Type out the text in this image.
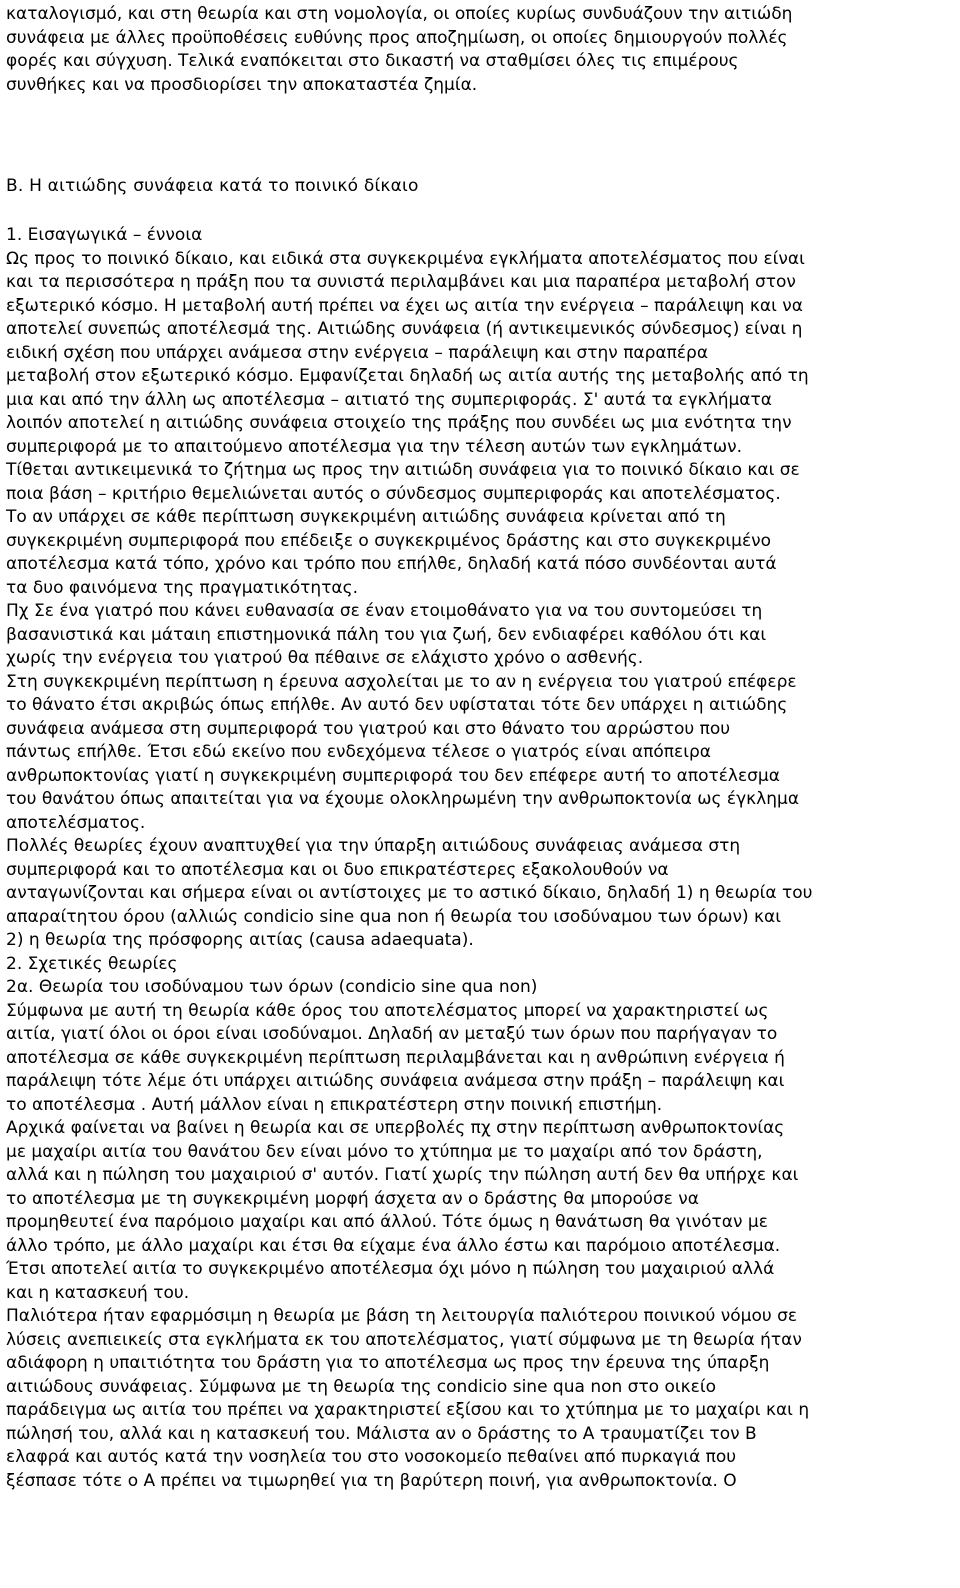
καταλογισμό, και στη θεωρία και στη νομολογία, οι οποίες κυρίως συνδυάζουν την αιτιώδη
συνάφεια με άλλες προϋποθέσεις ευθύνης προς αποζημίωση, οι οποίες δημιουργούν πολλές
φορές και σύγχυση. Τελικά εναπόκειται στο δικαστή να σταθμίσει όλες τις επιμέρους
συνθήκες και να προσδιορίσει την αποκαταστέα ζημία.
B. Η αιτιώδης συνάφεια κατά το ποινικό δίκαιο
1. Εισαγωγικά – έννοια
Ως προς το ποινικό δίκαιο, και ειδικά στα συγκεκριμένα εγκλήματα αποτελέσματος που είναι
και τα περισσότερα η πράξη που τα συνιστά περιλαμβάνει και μια παραπέρα μεταβολή στον
εξωτερικό κόσμο. Η μεταβολή αυτή πρέπει να έχει ως αιτία την ενέργεια – παράλειψη και να
αποτελεί συνεπώς αποτέλεσμά της. Αιτιώδης συνάφεια (ή αντικειμενικός σύνδεσμος) είναι η
ειδική σχέση που υπάρχει ανάμεσα στην ενέργεια – παράλειψη και στην παραπέρα
μεταβολή στον εξωτερικό κόσμο. Εμφανίζεται δηλαδή ως αιτία αυτής της μεταβολής από τη
μια και από την άλλη ως αποτέλεσμα – αιτιατό της συμπεριφοράς. Σ' αυτά τα εγκλήματα
λοιπόν αποτελεί η αιτιώδης συνάφεια στοιχείο της πράξης που συνδέει ως μια ενότητα την
συμπεριφορά με το απαιτούμενο αποτέλεσμα για την τέλεση αυτών των εγκλημάτων.
Τίθεται αντικειμενικά το ζήτημα ως προς την αιτιώδη συνάφεια για το ποινικό δίκαιο και σε
ποια βάση – κριτήριο θεμελιώνεται αυτός ο σύνδεσμος συμπεριφοράς και αποτελέσματος.
Το αν υπάρχει σε κάθε περίπτωση συγκεκριμένη αιτιώδης συνάφεια κρίνεται από τη
συγκεκριμένη συμπεριφορά που επέδειξε ο συγκεκριμένος δράστης και στο συγκεκριμένο
αποτέλεσμα κατά τόπο, χρόνο και τρόπο που επήλθε, δηλαδή κατά πόσο συνδέονται αυτά
τα δυο φαινόμενα της πραγματικότητας.
Πχ Σε ένα γιατρό που κάνει ευθανασία σε έναν ετοιμοθάνατο για να του συντομεύσει τη
βασανιστικά και μάταιη επιστημονικά πάλη του για ζωή, δεν ενδιαφέρει καθόλου ότι και
χωρίς την ενέργεια του γιατρού θα πέθαινε σε ελάχιστο χρόνο ο ασθενής.
Στη συγκεκριμένη περίπτωση η έρευνα ασχολείται με το αν η ενέργεια του γιατρού επέφερε
το θάνατο έτσι ακριβώς όπως επήλθε. Αν αυτό δεν υφίσταται τότε δεν υπάρχει η αιτιώδης
συνάφεια ανάμεσα στη συμπεριφορά του γιατρού και στο θάνατο του αρρώστου που
πάντως επήλθε. Έτσι εδώ εκείνο που ενδεχόμενα τέλεσε ο γιατρός είναι απόπειρα
ανθρωποκτονίας γιατί η συγκεκριμένη συμπεριφορά του δεν επέφερε αυτή το αποτέλεσμα
του θανάτου όπως απαιτείται για να έχουμε ολοκληρωμένη την ανθρωποκτονία ως έγκλημα
αποτελέσματος.
Πολλές θεωρίες έχουν αναπτυχθεί για την ύπαρξη αιτιώδους συνάφειας ανάμεσα στη
συμπεριφορά και το αποτέλεσμα και οι δυο επικρατέστερες εξακολουθούν να
ανταγωνίζονται και σήμερα είναι οι αντίστοιχες με το αστικό δίκαιο, δηλαδή 1) η θεωρία του
απαραίτητου όρου (αλλιώς condicio sine qua non ή θεωρία του ισοδύναμου των όρων) και
2) η θεωρία της πρόσφορης αιτίας (causa adaequata).
2. Σχετικές θεωρίες
2α. Θεωρία του ισοδύναμου των όρων (condicio sine qua non)
Σύμφωνα με αυτή τη θεωρία κάθε όρος του αποτελέσματος μπορεί να χαρακτηριστεί ως
αιτία, γιατί όλοι οι όροι είναι ισοδύναμοι. Δηλαδή αν μεταξύ των όρων που παρήγαγαν το
αποτέλεσμα σε κάθε συγκεκριμένη περίπτωση περιλαμβάνεται και η ανθρώπινη ενέργεια ή
παράλειψη τότε λέμε ότι υπάρχει αιτιώδης συνάφεια ανάμεσα στην πράξη – παράλειψη και
το αποτέλεσμα . Αυτή μάλλον είναι η επικρατέστερη στην ποινική επιστήμη.
Αρχικά φαίνεται να βαίνει η θεωρία και σε υπερβολές πχ στην περίπτωση ανθρωποκτονίας
με μαχαίρι αιτία του θανάτου δεν είναι μόνο το χτύπημα με το μαχαίρι από τον δράστη,
αλλά και η πώληση του μαχαιριού σ' αυτόν. Γιατί χωρίς την πώληση αυτή δεν θα υπήρχε και
το αποτέλεσμα με τη συγκεκριμένη μορφή άσχετα αν ο δράστης θα μπορούσε να
προμηθευτεί ένα παρόμοιο μαχαίρι και από άλλού. Τότε όμως η θανάτωση θα γινόταν με
άλλο τρόπο, με άλλο μαχαίρι και έτσι θα είχαμε ένα άλλο έστω και παρόμοιο αποτέλεσμα.
Έτσι αποτελεί αιτία το συγκεκριμένο αποτέλεσμα όχι μόνο η πώληση του μαχαιριού αλλά
και η κατασκευή του.
Παλιότερα ήταν εφαρμόσιμη η θεωρία με βάση τη λειτουργία παλιότερου ποινικού νόμου σε
λύσεις ανεπιεικείς στα εγκλήματα εκ του αποτελέσματος, γιατί σύμφωνα με τη θεωρία ήταν
αδιάφορη η υπαιτιότητα του δράστη για το αποτέλεσμα ως προς την έρευνα της ύπαρξη
αιτιώδους συνάφειας. Σύμφωνα με τη θεωρία της condicio sine qua non στο οικείο
παράδειγμα ως αιτία του πρέπει να χαρακτηριστεί εξίσου και το χτύπημα με το μαχαίρι και η
πώλησή του, αλλά και η κατασκευή του. Μάλιστα αν ο δράστης το Α τραυματίζει τον Β
ελαφρά και αυτός κατά την νοσηλεία του στο νοσοκομείο πεθαίνει από πυρκαγιά που
ξέσπασε τότε ο Α πρέπει να τιμωρηθεί για τη βαρύτερη ποινή, για ανθρωποκτονία. Ο
